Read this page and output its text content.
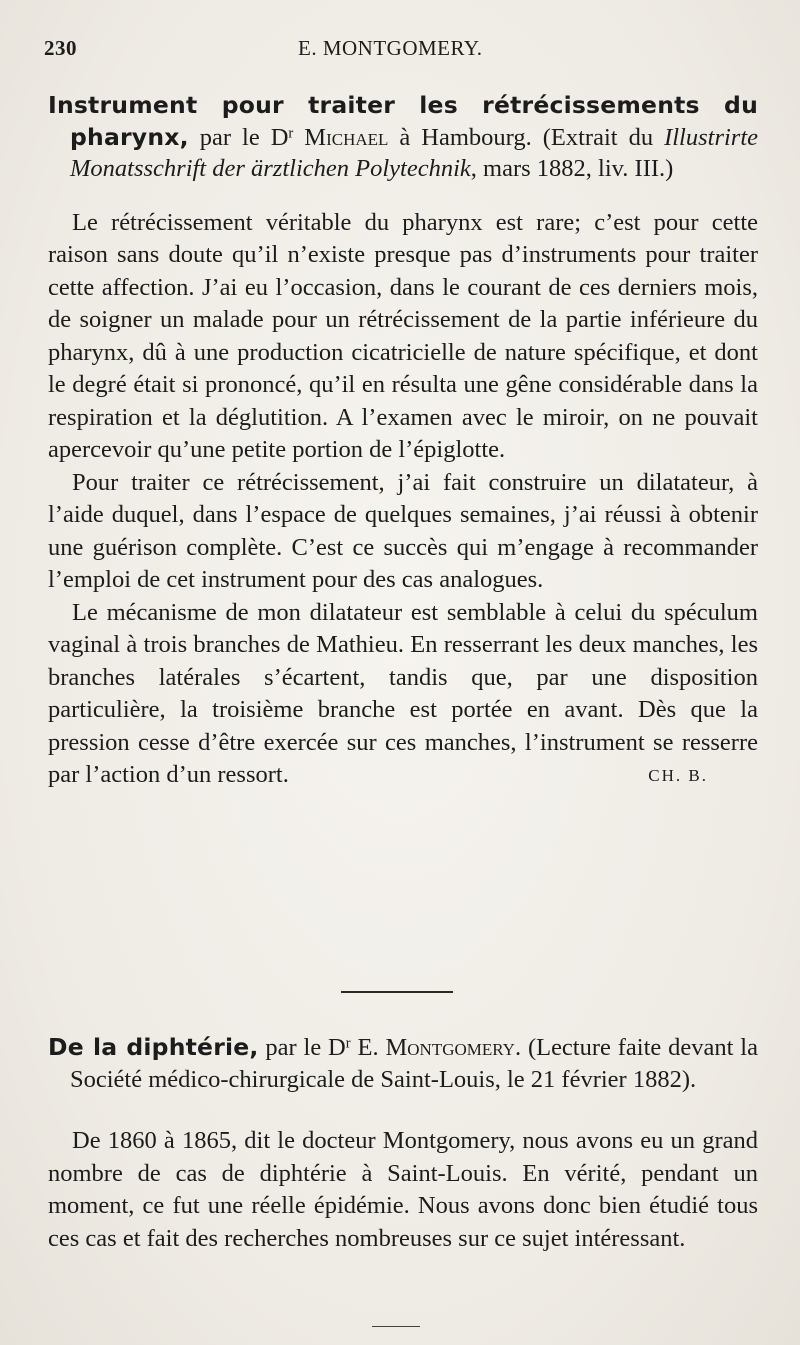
230	E. MONTGOMERY.

Instrument pour traiter les rétrécissements du pharynx, par le $D^r$ Michael à Hambourg. (Extrait du Illustrirte Monatsschrift der ärztlichen Polytechnik, mars 1882, liv. III.)

Le rétrécissement véritable du pharynx est rare; c’est pour cette raison sans doute qu’il n’existe presque pas d’instruments pour traiter cette affection. J’ai eu l’occasion, dans le courant de ces derniers mois, de soigner un malade pour un rétrécissement de la partie inférieure du pharynx, dû à une production cicatricielle de nature spécifique, et dont le degré était si prononcé, qu’il en résulta une gêne considérable dans la respiration et la déglutition. A l’examen avec le miroir, on ne pouvait apercevoir qu’une petite portion de l’épiglotte.

Pour traiter ce rétrécissement, j’ai fait construire un dilatateur, à l’aide duquel, dans l’espace de quelques semaines, j’ai réussi à obtenir une guérison complète. C’est ce succès qui m’engage à recommander l’emploi de cet instrument pour des cas analogues.

Le mécanisme de mon dilatateur est semblable à celui du spéculum vaginal à trois branches de Mathieu. En resserrant les deux manches, les branches latérales s’écartent, tandis que, par une disposition particulière, la troisième branche est portée en avant. Dès que la pression cesse d’être exercée sur ces manches, l’instrument se resserre par l’action d’un ressort.	CH. B.

De la diphtérie, par le $D^r$ E. Montgomery. (Lecture faite devant la Société médico-chirurgicale de Saint-Louis, le 21 février 1882).

De 1860 à 1865, dit le docteur Montgomery, nous avons eu un grand nombre de cas de diphtérie à Saint-Louis. En vérité, pendant un moment, ce fut une réelle épidémie. Nous avons donc bien étudié tous ces cas et fait des recherches nombreuses sur ce sujet intéressant.
